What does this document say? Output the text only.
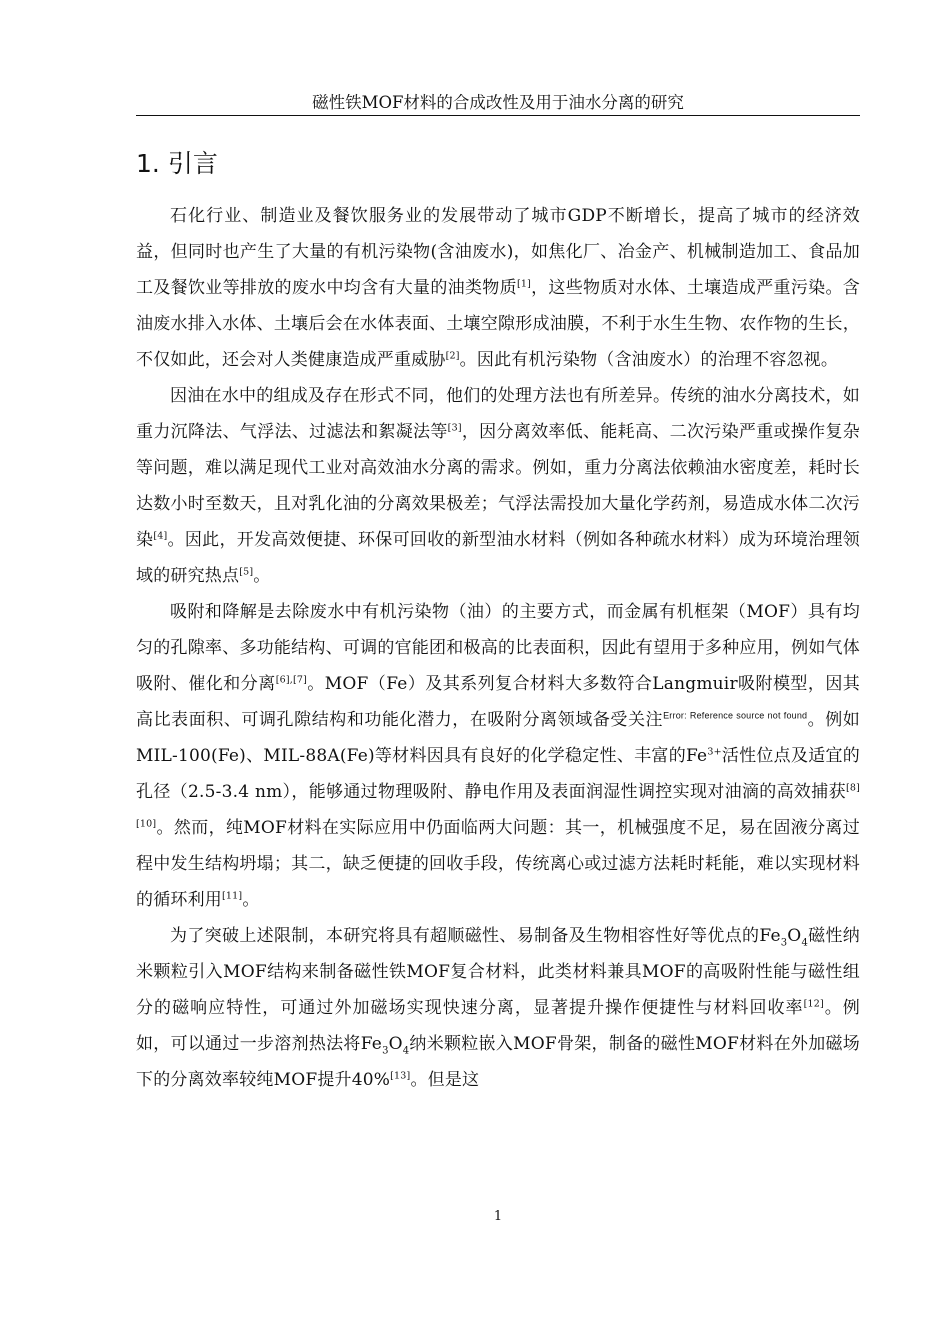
磁性铁MOF材料的合成改性及用于油水分离的研究
1. 引言

石化行业、制造业及餐饮服务业的发展带动了城市GDP不断增长，提高了城市的经济效益，但同时也产生了大量的有机污染物(含油废水)，如焦化厂、冶金产、机械制造加工、食品加工及餐饮业等排放的废水中均含有大量的油类物质[1]，这些物质对水体、土壤造成严重污染。含油废水排入水体、土壤后会在水体表面、土壤空隙形成油膜，不利于水生生物、农作物的生长，不仅如此，还会对人类健康造成严重威胁[2]。因此有机污染物（含油废水）的治理不容忽视。

因油在水中的组成及存在形式不同，他们的处理方法也有所差异。传统的油水分离技术，如重力沉降法、气浮法、过滤法和絮凝法等[3]，因分离效率低、能耗高、二次污染严重或操作复杂等问题，难以满足现代工业对高效油水分离的需求。例如，重力分离法依赖油水密度差，耗时长达数小时至数天，且对乳化油的分离效果极差；气浮法需投加大量化学药剂，易造成水体二次污染[4]。因此，开发高效便捷、环保可回收的新型油水材料（例如各种疏水材料）成为环境治理领域的研究热点[5]。

吸附和降解是去除废水中有机污染物（油）的主要方式，而金属有机框架（MOF）具有均匀的孔隙率、多功能结构、可调的官能团和极高的比表面积，因此有望用于多种应用，例如气体吸附、催化和分离[6],[7]。MOF（Fe）及其系列复合材料大多数符合Langmuir吸附模型，因其高比表面积、可调孔隙结构和功能化潜力，在吸附分离领域备受关注$^{Error: Reference source not found}$。例如MIL-100(Fe)、MIL-88A(Fe)等材料因具有良好的化学稳定性、丰富的$Fe^{3+}$活性位点及适宜的孔径（2.5-3.4 nm），能够通过物理吸附、静电作用及表面润湿性调控实现对油滴的高效捕获[8][10]。然而，纯MOF材料在实际应用中仍面临两大问题：其一，机械强度不足，易在固液分离过程中发生结构坍塌；其二，缺乏便捷的回收手段，传统离心或过滤方法耗时耗能，难以实现材料的循环利用[11]。

为了突破上述限制，本研究将具有超顺磁性、易制备及生物相容性好等优点的$Fe_3O_4$磁性纳米颗粒引入MOF结构来制备磁性铁MOF复合材料，此类材料兼具MOF的高吸附性能与磁性组分的磁响应特性，可通过外加磁场实现快速分离，显著提升操作便捷性与材料回收率[12]。例如，可以通过一步溶剂热法将$Fe_3O_4$纳米颗粒嵌入MOF骨架，制备的磁性MOF材料在外加磁场下的分离效率较纯MOF提升40%[13]。但是这

1
